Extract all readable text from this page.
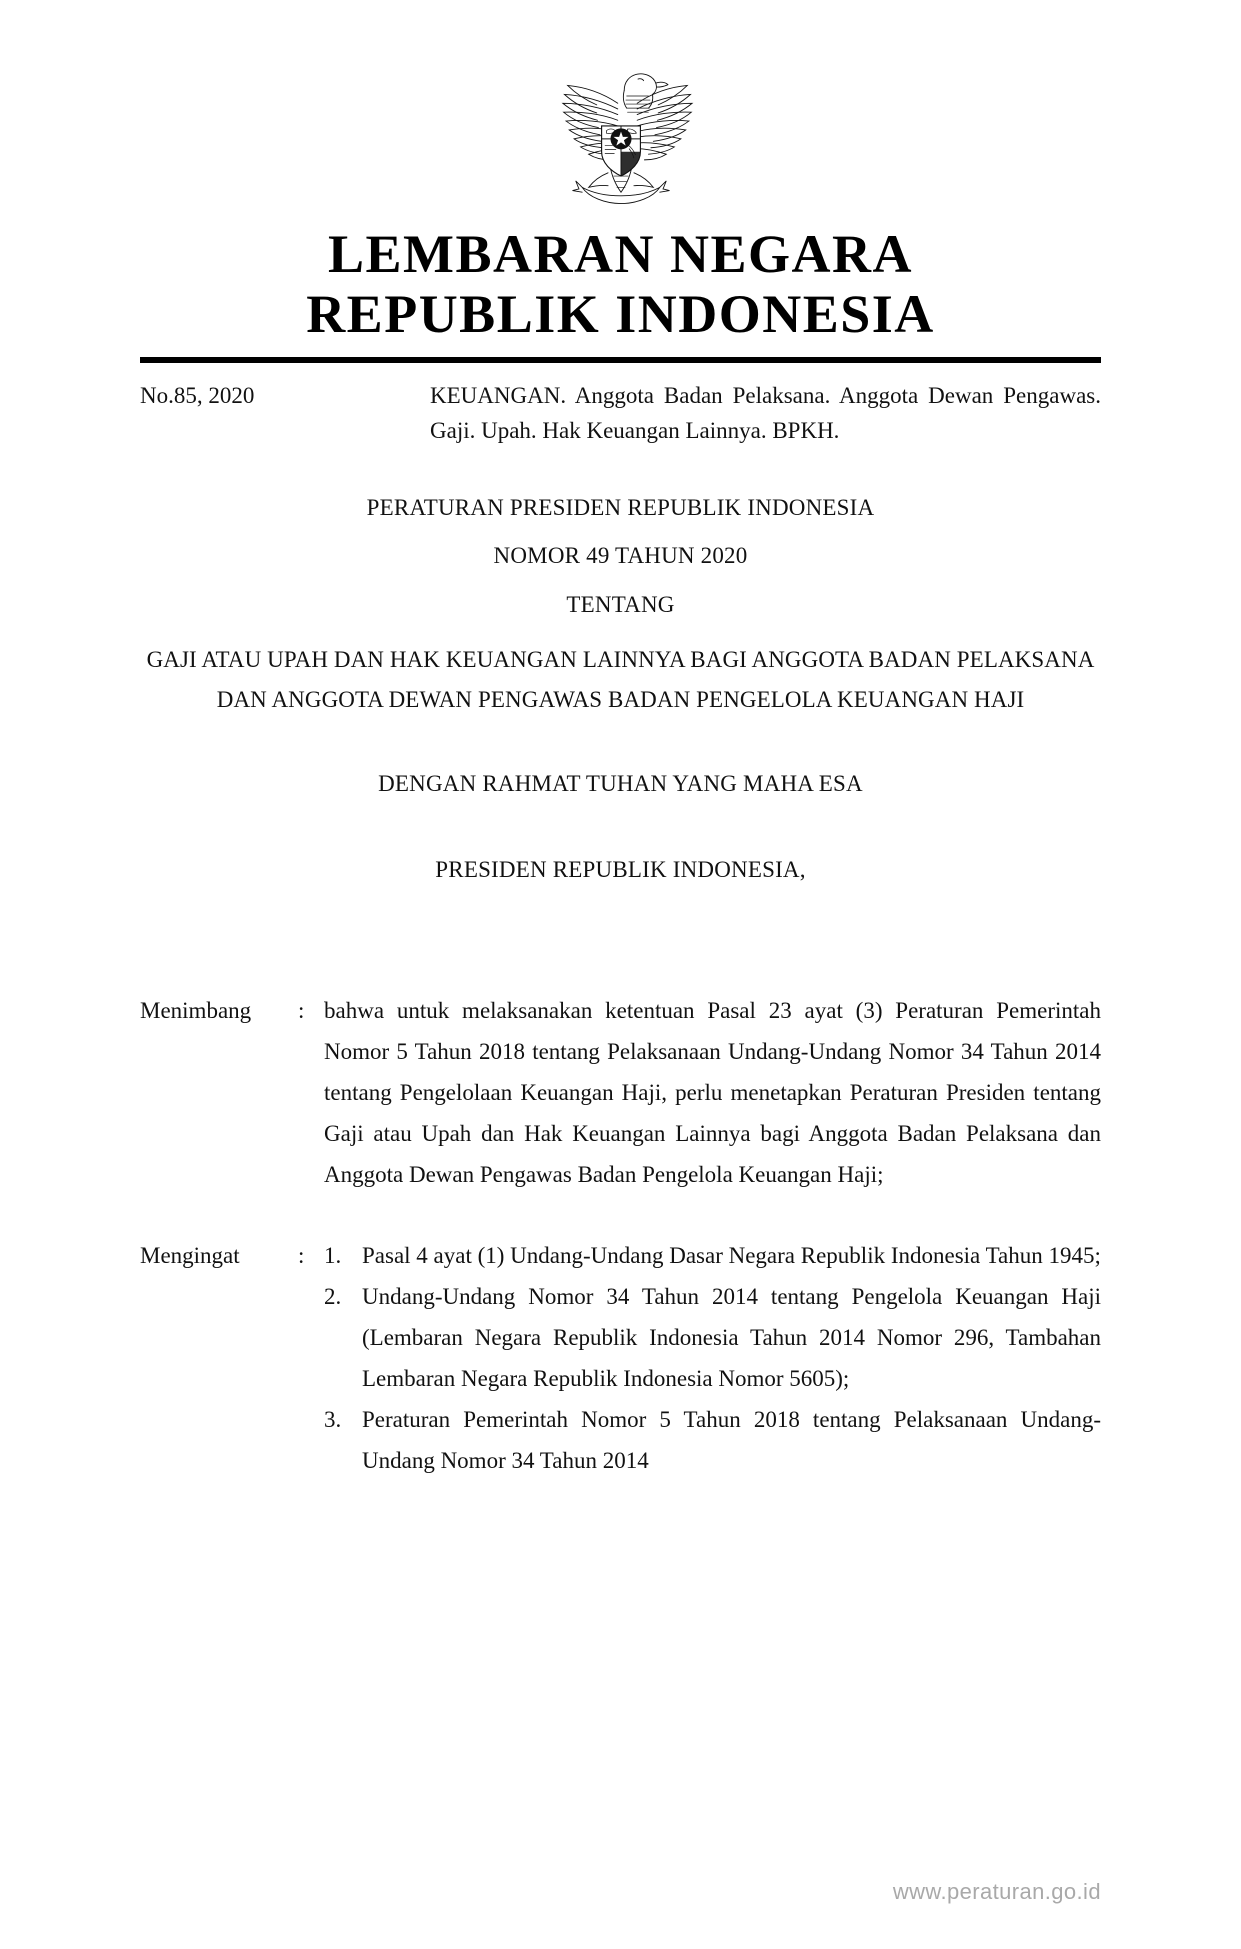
LEMBARAN NEGARA
REPUBLIK INDONESIA
No.85, 2020	KEUANGAN. Anggota Badan Pelaksana. Anggota Dewan Pengawas. Gaji. Upah. Hak Keuangan Lainnya. BPKH.
PERATURAN PRESIDEN REPUBLIK INDONESIA
NOMOR 49 TAHUN 2020
TENTANG
GAJI ATAU UPAH DAN HAK KEUANGAN LAINNYA BAGI ANGGOTA BADAN PELAKSANA DAN ANGGOTA DEWAN PENGAWAS BADAN PENGELOLA KEUANGAN HAJI
DENGAN RAHMAT TUHAN YANG MAHA ESA
PRESIDEN REPUBLIK INDONESIA,
Menimbang	: bahwa untuk melaksanakan ketentuan Pasal 23 ayat (3) Peraturan Pemerintah Nomor 5 Tahun 2018 tentang Pelaksanaan Undang-Undang Nomor 34 Tahun 2014 tentang Pengelolaan Keuangan Haji, perlu menetapkan Peraturan Presiden tentang Gaji atau Upah dan Hak Keuangan Lainnya bagi Anggota Badan Pelaksana dan Anggota Dewan Pengawas Badan Pengelola Keuangan Haji;

Mengingat	: 1. Pasal 4 ayat (1) Undang-Undang Dasar Negara Republik Indonesia Tahun 1945;
2. Undang-Undang Nomor 34 Tahun 2014 tentang Pengelola Keuangan Haji (Lembaran Negara Republik Indonesia Tahun 2014 Nomor 296, Tambahan Lembaran Negara Republik Indonesia Nomor 5605);
3. Peraturan Pemerintah Nomor 5 Tahun 2018 tentang Pelaksanaan Undang-Undang Nomor 34 Tahun 2014
www.peraturan.go.id
